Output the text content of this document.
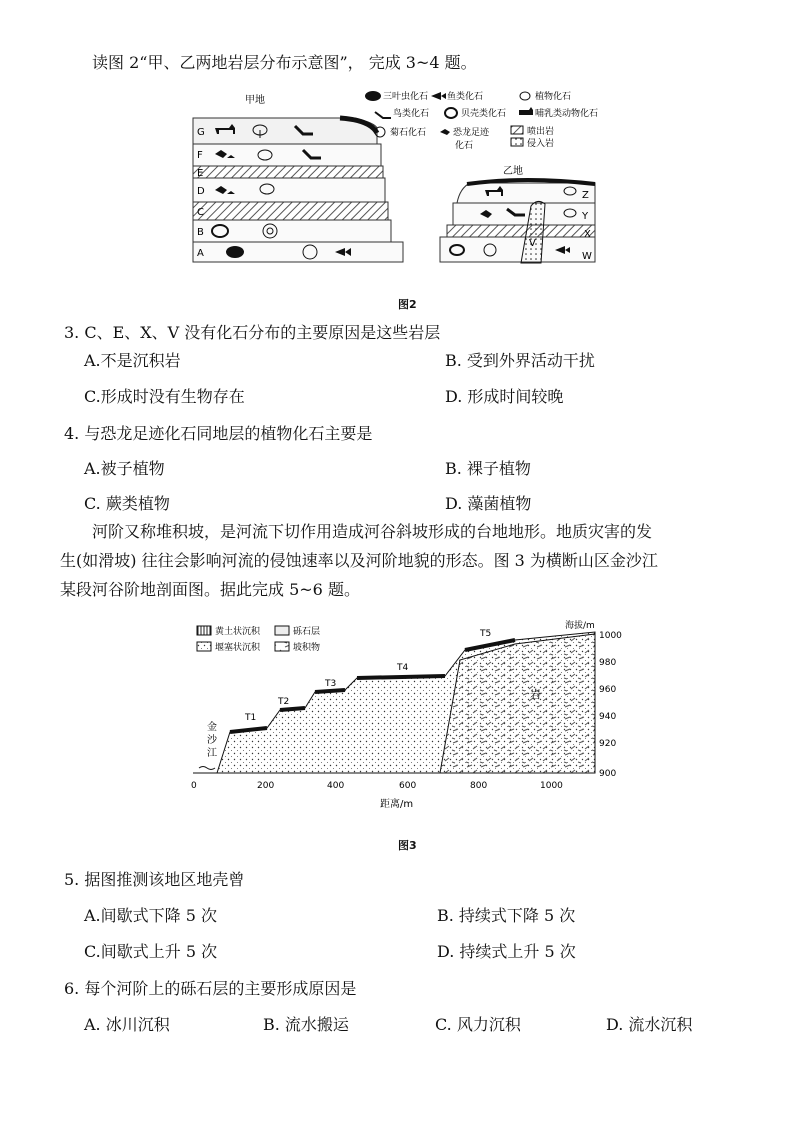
读图 2“甲、乙两地岩层分布示意图”， 完成 3~4 题。
甲地
G
F
E
D
C
B
A
三叶虫化石 鱼类化石	植物化石
鸟类化石	贝壳类化石	哺乳类动物化石
菊石化石	恐龙足迹
化石
喷出岩
侵入岩
乙地
V
Z
Y
X
W
图2
3. C、E、X、V 没有化石分布的主要原因是这些岩层
A.不是沉积岩	B. 受到外界活动干扰
C.形成时没有生物存在	D. 形成时间较晚
4. 与恐龙足迹化石同地层的植物化石主要是
A.被子植物	B. 裸子植物
C. 蕨类植物	D. 藻菌植物
河阶又称堆积坡，是河流下切作用造成河谷斜坡形成的台地地形。地质灾害的发
生(如滑坡) 往往会影响河流的侵蚀速率以及河阶地貌的形态。图 3 为横断山区金沙江
某段河谷阶地剖面图。据此完成 5~6 题。
黄土状沉积	砾石层
堰塞状沉积	坡积物
岩
金
沙
江
T1
T2
T3
T4
T5
海拔/m
0	200	400	600	800	1000
1000
980
960
940
920
900
距离/m
图3
5. 据图推测该地区地壳曾
A.间歇式下降 5 次	B. 持续式下降 5 次
C.间歇式上升 5 次	D. 持续式上升 5 次
6. 每个河阶上的砾石层的主要形成原因是
A. 冰川沉积	B. 流水搬运	C. 风力沉积	D. 流水沉积
